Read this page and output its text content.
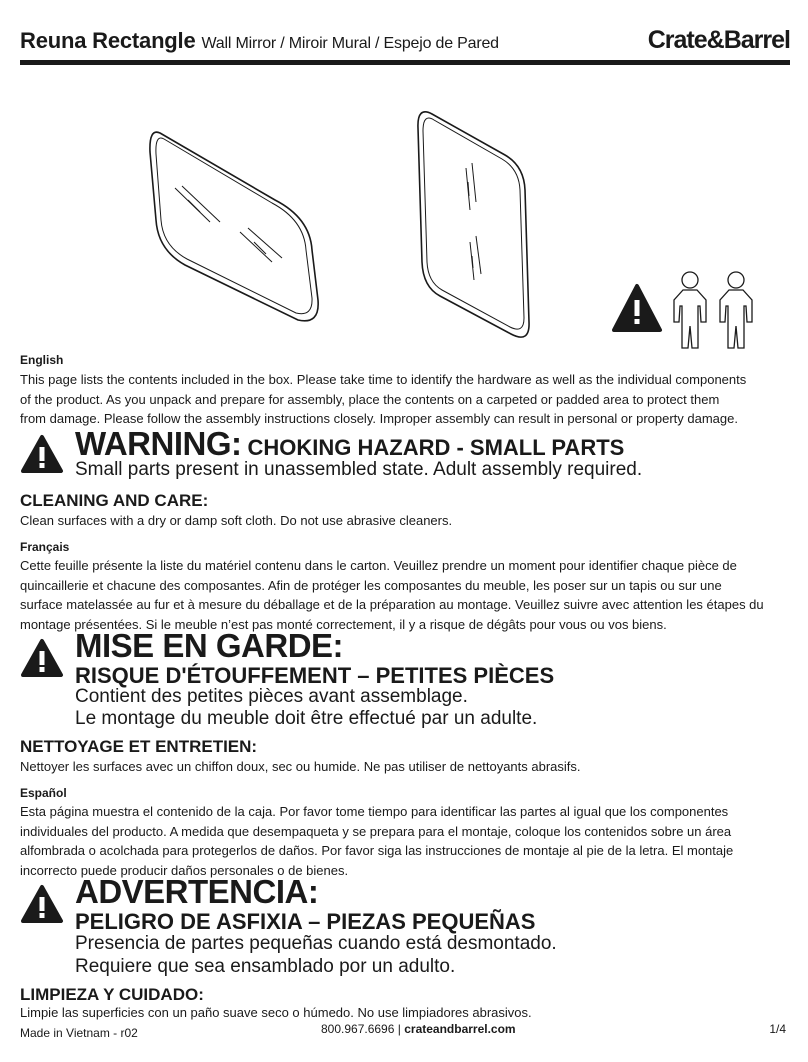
Reuna Rectangle Wall Mirror / Miroir Mural / Espejo de Pared	Crate&Barrel
English
This page lists the contents included in the box. Please take time to identify the hardware as well as the individual components
of the product. As you unpack and prepare for assembly, place the contents on a carpeted or padded area to protect them
from damage. Please follow the assembly instructions closely. Improper assembly can result in personal or property damage.
WARNING: CHOKING HAZARD - SMALL PARTS
Small parts present in unassembled state. Adult assembly required.
CLEANING AND CARE:
Clean surfaces with a dry or damp soft cloth. Do not use abrasive cleaners.
Français
Cette feuille présente la liste du matériel contenu dans le carton. Veuillez prendre un moment pour identifier chaque pièce de
quincaillerie et chacune des composantes. Afin de protéger les composantes du meuble, les poser sur un tapis ou sur une
surface matelassée au fur et à mesure du déballage et de la préparation au montage. Veuillez suivre avec attention les étapes du
montage présentées. Si le meuble n’est pas monté correctement, il y a risque de dégâts pour vous ou vos biens.
MISE EN GARDE:
RISQUE D'ÉTOUFFEMENT – PETITES PIÈCES
Contient des petites pièces avant assemblage.
Le montage du meuble doit être effectué par un adulte.
NETTOYAGE ET ENTRETIEN:
Nettoyer les surfaces avec un chiffon doux, sec ou humide. Ne pas utiliser de nettoyants abrasifs.
Español
Esta página muestra el contenido de la caja. Por favor tome tiempo para identificar las partes al igual que los componentes
individuales del producto. A medida que desempaqueta y se prepara para el montaje, coloque los contenidos sobre un área
alfombrada o acolchada para protegerlos de daños. Por favor siga las instrucciones de montaje al pie de la letra. El montaje
incorrecto puede producir daños personales o de bienes.
ADVERTENCIA:
PELIGRO DE ASFIXIA – PIEZAS PEQUEÑAS
Presencia de partes pequeñas cuando está desmontado.
Requiere que sea ensamblado por un adulto.
LIMPIEZA Y CUIDADO:
Limpie las superficies con un paño suave seco o húmedo. No use limpiadores abrasivos.
Made in Vietnam - r02	800.967.6696 | crateandbarrel.com	1/4
